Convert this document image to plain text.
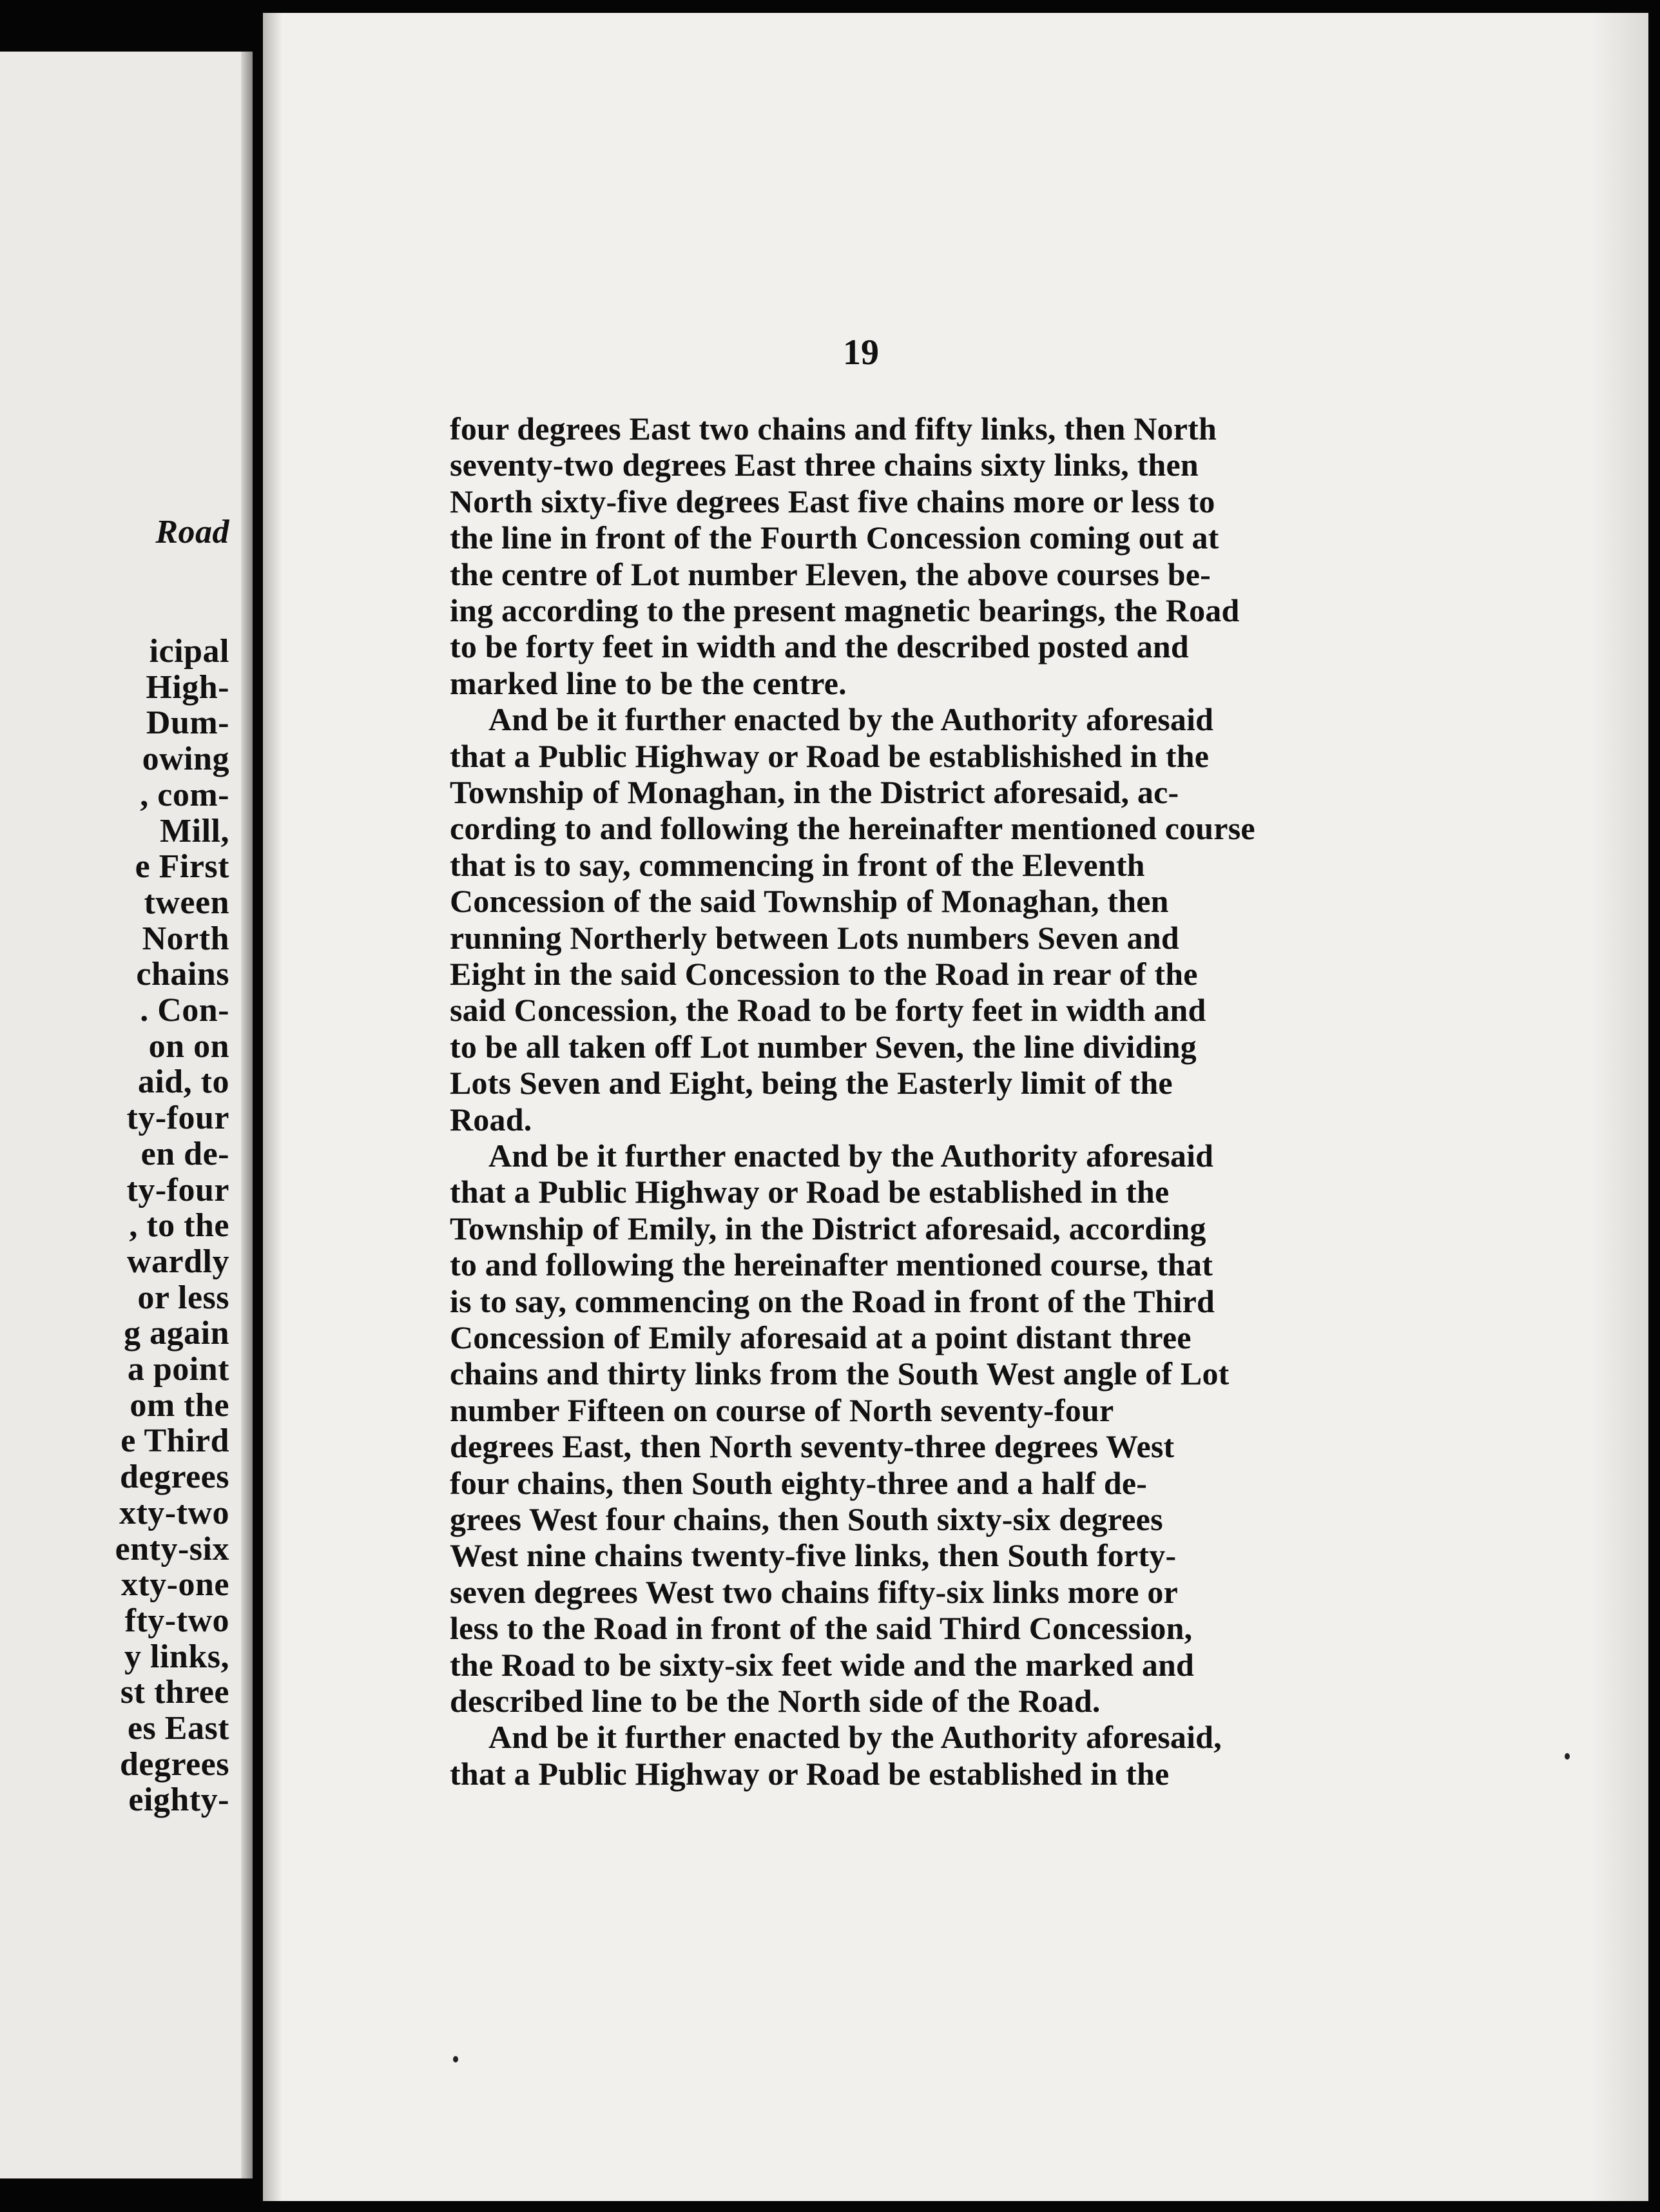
Road
icipal
High-
Dum-
owing
, com-
Mill,
e First
tween
North
chains
. Con-
on on
aid, to
ty-four
en de-
ty-four
, to the
wardly
or less
g again
a point
om the
e Third
degrees
xty-two
enty-six
xty-one
fty-two
y links,
st three
es East
degrees
eighty-
19
four degrees East two chains and fifty links, then North
seventy-two degrees East three chains sixty links, then
North sixty-five degrees East five chains more or less to
the line in front of the Fourth Concession coming out at
the centre of Lot number Eleven, the above courses be-
ing according to the present magnetic bearings, the Road
to be forty feet in width and the described posted and
marked line to be the centre.
And be it further enacted by the Authority aforesaid
that a Public Highway or Road be establishished in the
Township of Monaghan, in the District aforesaid, ac-
cording to and following the hereinafter mentioned course
that is to say, commencing in front of the Eleventh
Concession of the said Township of Monaghan, then
running Northerly between Lots numbers Seven and
Eight in the said Concession to the Road in rear of the
said Concession, the Road to be forty feet in width and
to be all taken off Lot number Seven, the line dividing
Lots Seven and Eight, being the Easterly limit of the
Road.
And be it further enacted by the Authority aforesaid
that a Public Highway or Road be established in the
Township of Emily, in the District aforesaid, according
to and following the hereinafter mentioned course, that
is to say, commencing on the Road in front of the Third
Concession of Emily aforesaid at a point distant three
chains and thirty links from the South West angle of Lot
number Fifteen on course of North seventy-four
degrees East, then North seventy-three degrees West
four chains, then South eighty-three and a half de-
grees West four chains, then South sixty-six degrees
West nine chains twenty-five links, then South forty-
seven degrees West two chains fifty-six links more or
less to the Road in front of the said Third Concession,
the Road to be sixty-six feet wide and the marked and
described line to be the North side of the Road.
And be it further enacted by the Authority aforesaid,
that a Public Highway or Road be established in the
